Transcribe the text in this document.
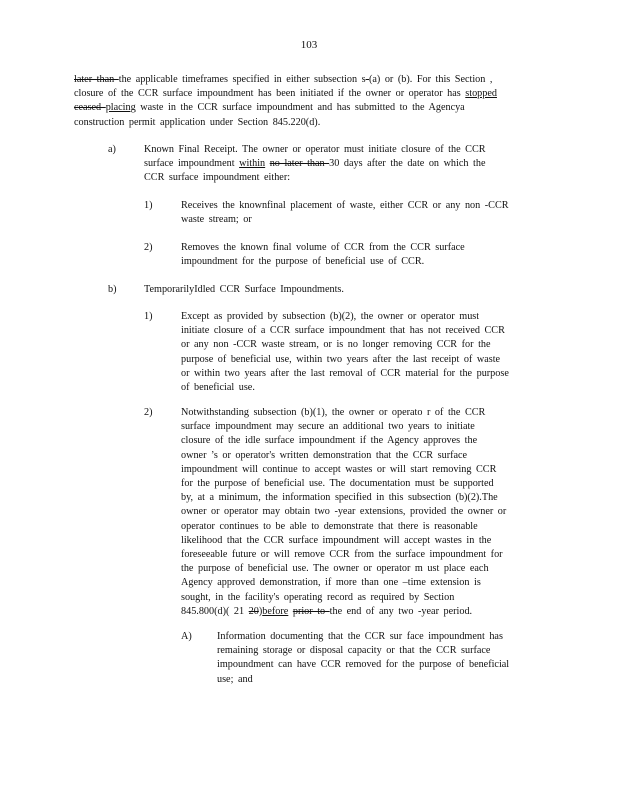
103
later than the applicable timeframes specified in either subsection s-(a) or (b). For this Section ,
closure of the CCR surface impoundment has been initiated if the owner or operator has stopped
ceased placing waste in the CCR surface impoundment and has submitted to the Agencya
construction permit application under Section 845.220(d).
a)	Known Final Receipt. The owner or operator must initiate closure of the CCR
surface impoundment within no later than 30 days after the date on which the
CCR surface impoundment either:
1)	Receives the knownfinal placement of waste, either CCR or any non -CCR
waste stream; or
2)	Removes the known final volume of CCR from the CCR surface
impoundment for the purpose of beneficial use of CCR.
b)	TemporarilyIdled CCR Surface Impoundments.
1)	Except as provided by subsection (b)(2), the owner or operator must
initiate closure of a CCR surface impoundment that has not received CCR
or any non -CCR waste stream, or is no longer removing CCR for the
purpose of beneficial use, within two years after the last receipt of waste
or within two years after the last removal of CCR material for the purpose
of beneficial use.
2)	Notwithstanding subsection (b)(1), the owner or operato r of the CCR
surface impoundment may secure an additional two years to initiate
closure of the idle surface impoundment if the Agency approves the
owner ’s or operator's written demonstration that the CCR surface
impoundment will continue to accept wastes or will start removing CCR
for the purpose of beneficial use. The documentation must be supported
by, at a minimum, the information specified in this subsection (b)(2).The
owner or operator may obtain two -year extensions, provided the owner or
operator continues to be able to demonstrate that there is reasonable
likelihood that the CCR surface impoundment will accept wastes in the
foreseeable future or will remove CCR from the surface impoundment for
the purpose of beneficial use. The owner or operator m ust place each
Agency approved demonstration, if more than one –time extension is
sought, in the facility's operating record as required by Section
845.800(d)( 21 20)before prior to the end of any two -year period.
A) Information documenting that the CCR sur face impoundment has
remaining storage or disposal capacity or that the CCR surface
impoundment can have CCR removed for the purpose of beneficial
use; and
